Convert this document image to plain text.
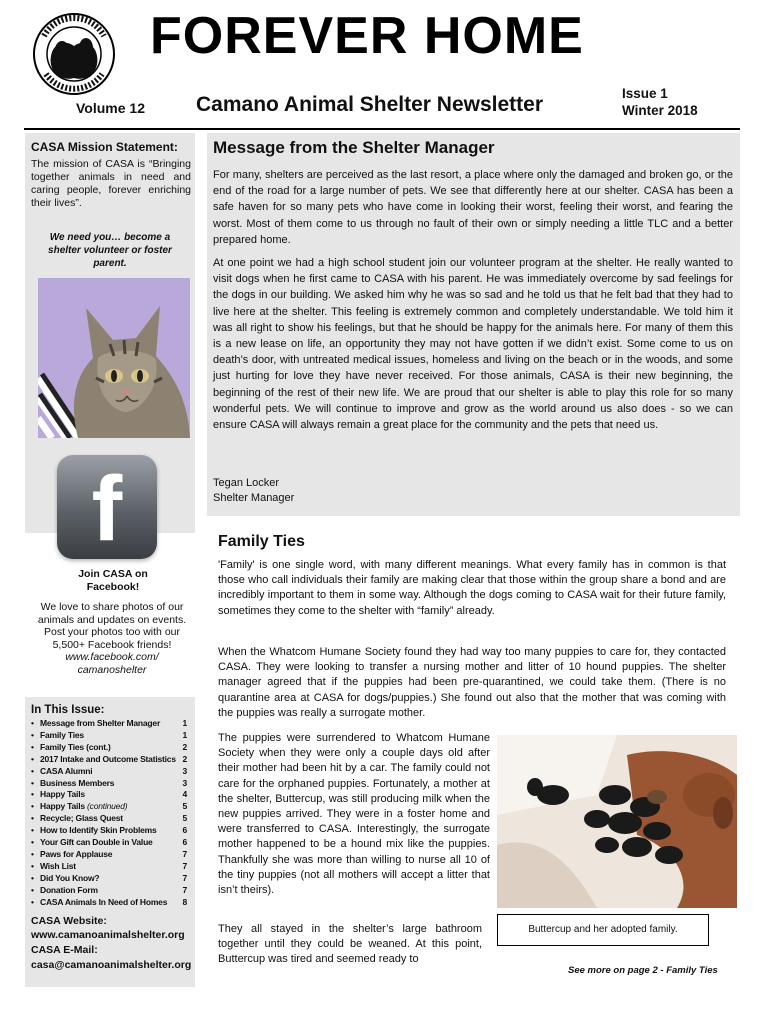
FOREVER HOME
Volume 12 Camano Animal Shelter Newsletter	Issue 1
Winter 2018
CASA Mission Statement:
The mission of CASA is “Bringing together animals in need and caring people, forever enriching their lives”.
We need you… become a shelter volunteer or foster parent.
f
Join CASA on Facebook!
We love to share photos of our animals and updates on events. Post your photos too with our 5,500+ Facebook friends!
www.facebook.com/ camanoshelter
In This Issue:
• Message from Shelter Manager	1
• Family Ties	1
• Family Ties (cont.)	2
• 2017 Intake and Outcome Statistics 2
• CASA Alumni	3
• Business Members	3
• Happy Tails	4
• Happy Tails (continued)	5
• Recycle; Glass Quest	5
• How to Identify Skin Problems	6
• Your Gift can Double in Value	6
• Paws for Applause	7
• Wish List	7
• Did You Know?	7
• Donation Form	7
• CASA Animals In Need of Homes 8
CASA Website:
www.camanoanimalshelter.org
CASA E-Mail:
casa@camanoanimalshelter.org
Message from the Shelter Manager

For many, shelters are perceived as the last resort, a place where only the damaged and broken go, or the end of the road for a large number of pets. We see that differently here at our shelter. CASA has been a safe haven for so many pets who have come in looking their worst, feeling their worst, and fearing the worst. Most of them come to us through no fault of their own or simply needing a little TLC and a better prepared home.

At one point we had a high school student join our volunteer program at the shelter. He really wanted to visit dogs when he first came to CASA with his parent. He was immediately overcome by sad feelings for the dogs in our building. We asked him why he was so sad and he told us that he felt bad that they had to live here at the shelter. This feeling is extremely common and completely understandable. We told him it was all right to show his feelings, but that he should be happy for the animals here. For many of them this is a new lease on life, an opportunity they may not have gotten if we didn’t exist. Some come to us on death’s door, with untreated medical issues, homeless and living on the beach or in the woods, and some just hurting for love they have never received. For those animals, CASA is their new beginning, the beginning of the rest of their new life. We are proud that our shelter is able to play this role for so many wonderful pets. We will continue to improve and grow as the world around us also does - so we can ensure CASA will always remain a great place for the community and the pets that need us.

Tegan Locker
Shelter Manager
Family Ties

'Family' is one single word, with many different meanings. What every family has in common is that those who call individuals their family are making clear that those within the group share a bond and are incredibly important to them in some way. Although the dogs coming to CASA wait for their future family, sometimes they come to the shelter with “family” already.

When the Whatcom Humane Society found they had way too many puppies to care for, they contacted CASA. They were looking to transfer a nursing mother and litter of 10 hound puppies. The shelter manager agreed that if the puppies had been pre-quarantined, we could take them. (There is no quarantine area at CASA for dogs/puppies.) She found out also that the mother that was coming with the puppies was really a surrogate mother.

The puppies were surrendered to Whatcom Humane Society when they were only a couple days old after their mother had been hit by a car. The family could not care for the orphaned puppies. Fortunately, a mother at the shelter, Buttercup, was still producing milk when the new puppies arrived. They were in a foster home and were transferred to CASA. Interestingly, the surrogate mother happened to be a hound mix like the puppies. Thankfully she was more than willing to nurse all 10 of the tiny puppies (not all mothers will accept a litter that isn’t theirs).

They all stayed in the shelter’s large bathroom together until they could be weaned. At this point, Buttercup was tired and seemed ready to

Buttercup and her adopted family.
See more on page 2 - Family Ties
